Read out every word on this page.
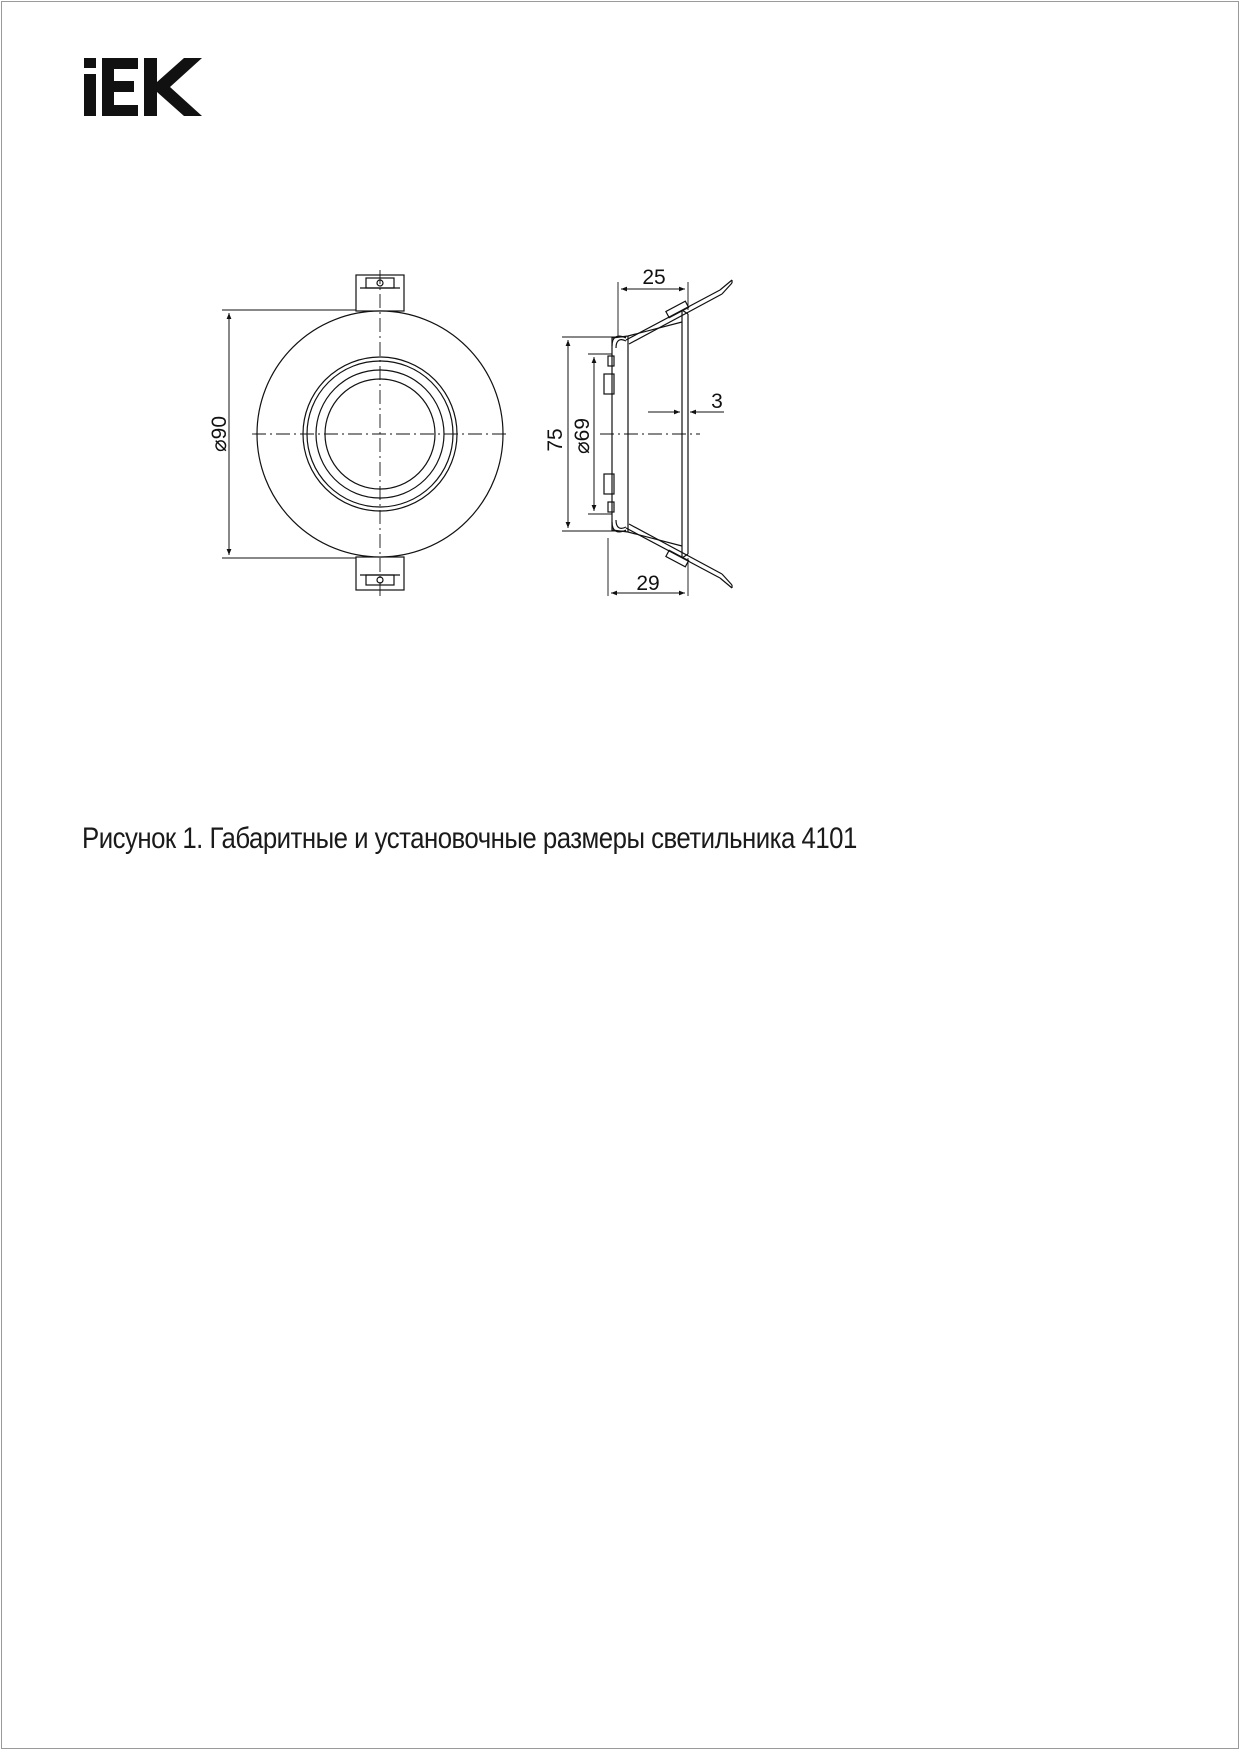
⌀90
25
29
3
75 ⌀69
Рисунок 1. Габаритные и установочные размеры светильника 4101
